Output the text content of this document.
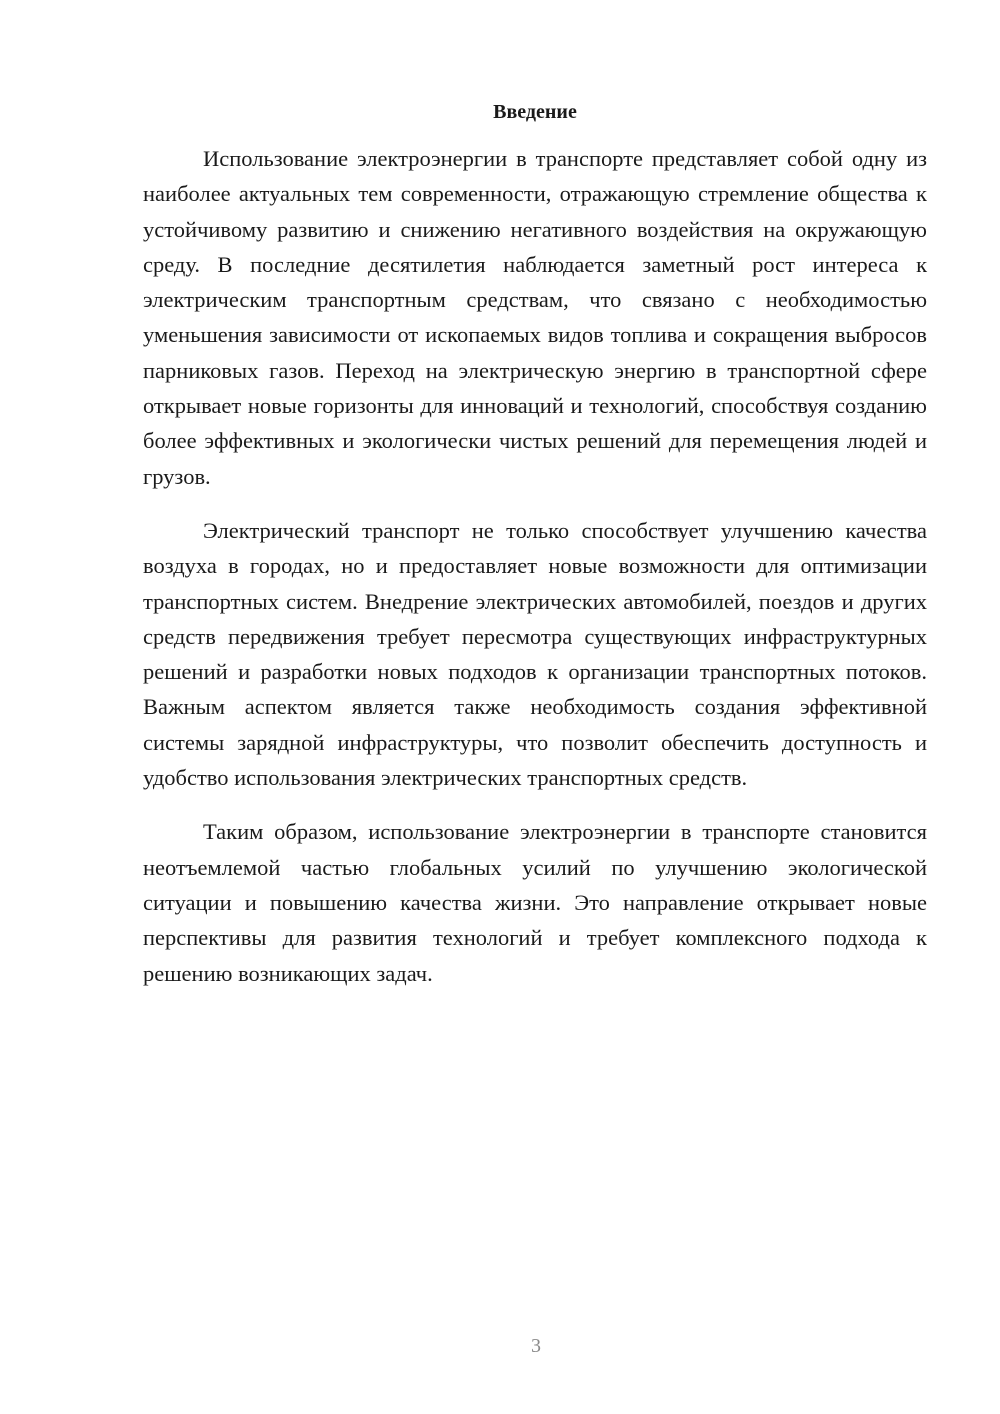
Введение

Использование электроэнергии в транспорте представляет собой одну из наиболее актуальных тем современности, отражающую стремление общества к устойчивому развитию и снижению негативного воздействия на окружающую среду. В последние десятилетия наблюдается заметный рост интереса к электрическим транспортным средствам, что связано с необходимостью уменьшения зависимости от ископаемых видов топлива и сокращения выбросов парниковых газов. Переход на электрическую энергию в транспортной сфере открывает новые горизонты для инноваций и технологий, способствуя созданию более эффективных и экологически чистых решений для перемещения людей и грузов.

Электрический транспорт не только способствует улучшению качества воздуха в городах, но и предоставляет новые возможности для оптимизации транспортных систем. Внедрение электрических автомобилей, поездов и других средств передвижения требует пересмотра существующих инфраструктурных решений и разработки новых подходов к организации транспортных потоков. Важным аспектом является также необходимость создания эффективной системы зарядной инфраструктуры, что позволит обеспечить доступность и удобство использования электрических транспортных средств.

Таким образом, использование электроэнергии в транспорте становится неотъемлемой частью глобальных усилий по улучшению экологической ситуации и повышению качества жизни. Это направление открывает новые перспективы для развития технологий и требует комплексного подхода к решению возникающих задач.

3
